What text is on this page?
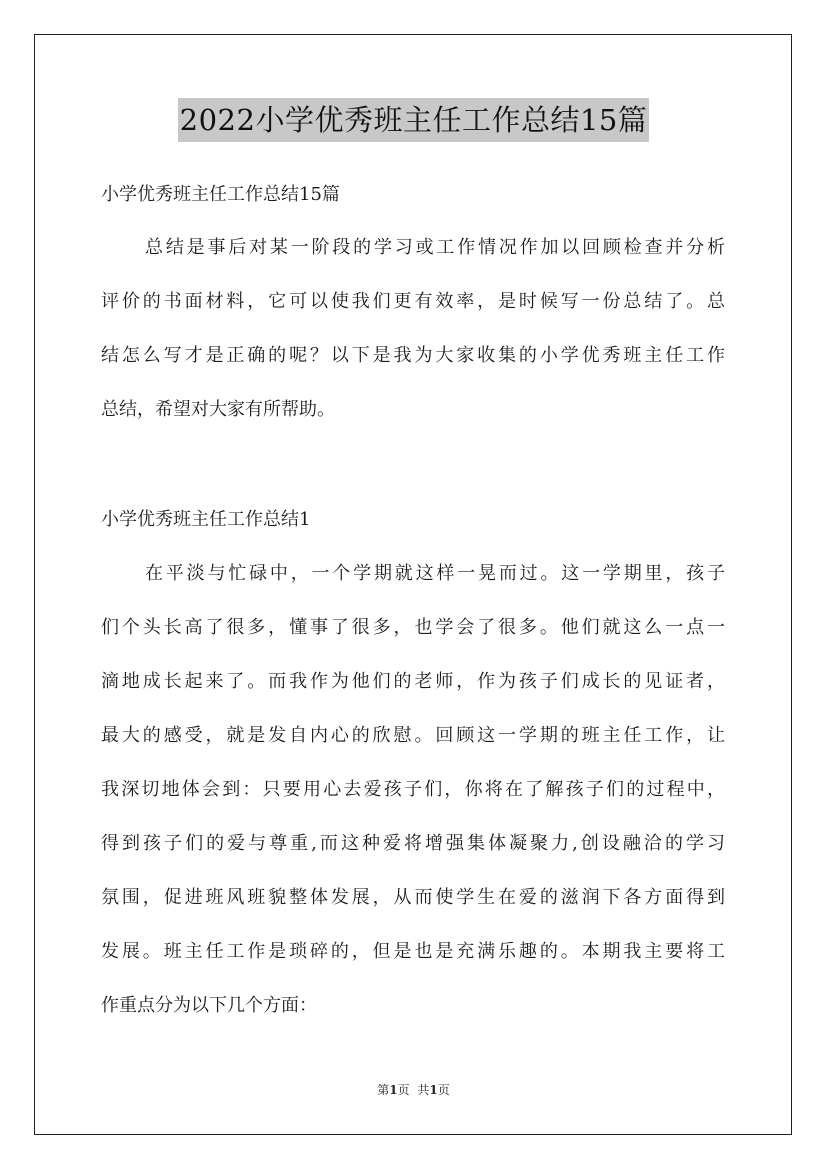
2022小学优秀班主任工作总结15篇
小学优秀班主任工作总结15篇
总结是事后对某一阶段的学习或工作情况作加以回顾检查并分析
评价的书面材料，它可以使我们更有效率，是时候写一份总结了。总
结怎么写才是正确的呢？以下是我为大家收集的小学优秀班主任工作
总结，希望对大家有所帮助。
小学优秀班主任工作总结1
在平淡与忙碌中，一个学期就这样一晃而过。这一学期里，孩子
们个头长高了很多，懂事了很多，也学会了很多。他们就这么一点一
滴地成长起来了。而我作为他们的老师，作为孩子们成长的见证者，
最大的感受，就是发自内心的欣慰。回顾这一学期的班主任工作，让
我深切地体会到：只要用心去爱孩子们，你将在了解孩子们的过程中，
得到孩子们的爱与尊重,而这种爱将增强集体凝聚力,创设融洽的学习
氛围，促进班风班貌整体发展，从而使学生在爱的滋润下各方面得到
发展。班主任工作是琐碎的，但是也是充满乐趣的。本期我主要将工
作重点分为以下几个方面：
第1页 共1页
